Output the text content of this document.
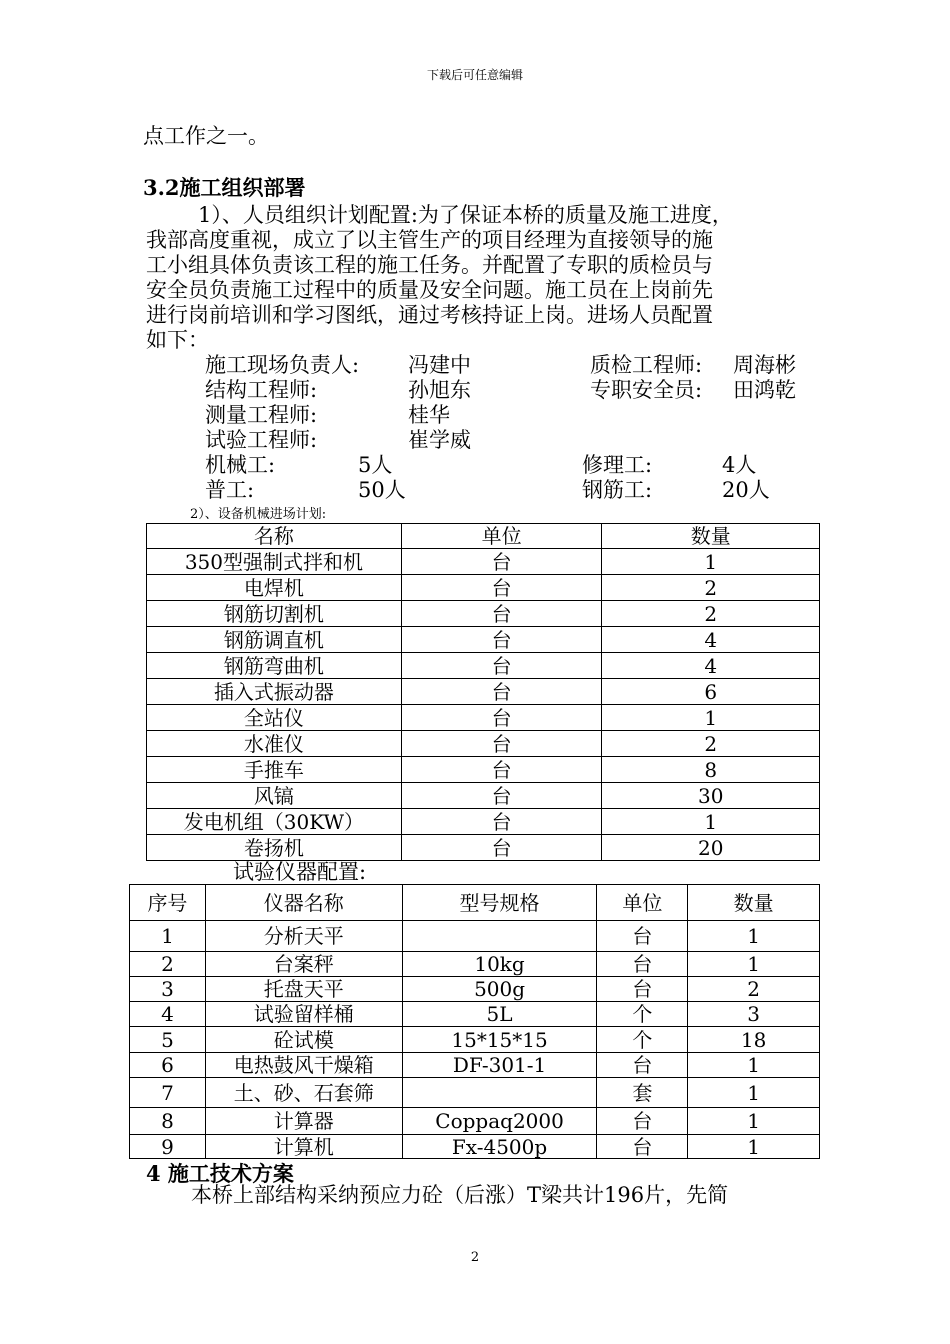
下载后可任意编辑
点工作之一。
3.2施工组织部署
1）、人员组织计划配置:为了保证本桥的质量及施工进度，
我部高度重视，成立了以主管生产的项目经理为直接领导的施
工小组具体负责该工程的施工任务。并配置了专职的质检员与
安全员负责施工过程中的质量及安全问题。施工员在上岗前先
进行岗前培训和学习图纸，通过考核持证上岗。进场人员配置
如下：
施工现场负责人: 冯建中	质检工程师: 周海彬
结构工程师:	孙旭东	专职安全员: 田鸿乾
测量工程师:	桂华
试验工程师:	崔学威
机械工:	5人	修理工:	4人
普工:	50人	钢筋工:	20人
2）、设备机械进场计划:
名称	单位	数量
350型强制式拌和机	台	1
电焊机	台	2
钢筋切割机	台	2
钢筋调直机	台	4
钢筋弯曲机	台	4
插入式振动器	台	6
全站仪	台	1
水准仪	台	2
手推车	台	8
风镐	台	30
发电机组（30KW）	台	1
卷扬机	台	20
试验仪器配置:
序号	仪器名称	型号规格	单位	数量
1	分析天平		台	1
2	台案秤	10kg	台	1
3	托盘天平	500g	台	2
4	试验留样桶	5L	个	3
5	砼试模	15*15*15	个	18
6	电热鼓风干燥箱	DF-301-1	台	1
7	土、砂、石套筛		套	1
8	计算器	Coppaq2000	台	1
9	计算机	Fx-4500p	台	1
4 施工技术方案
本桥上部结构采纳预应力砼（后涨）T梁共计196片，先简
2
